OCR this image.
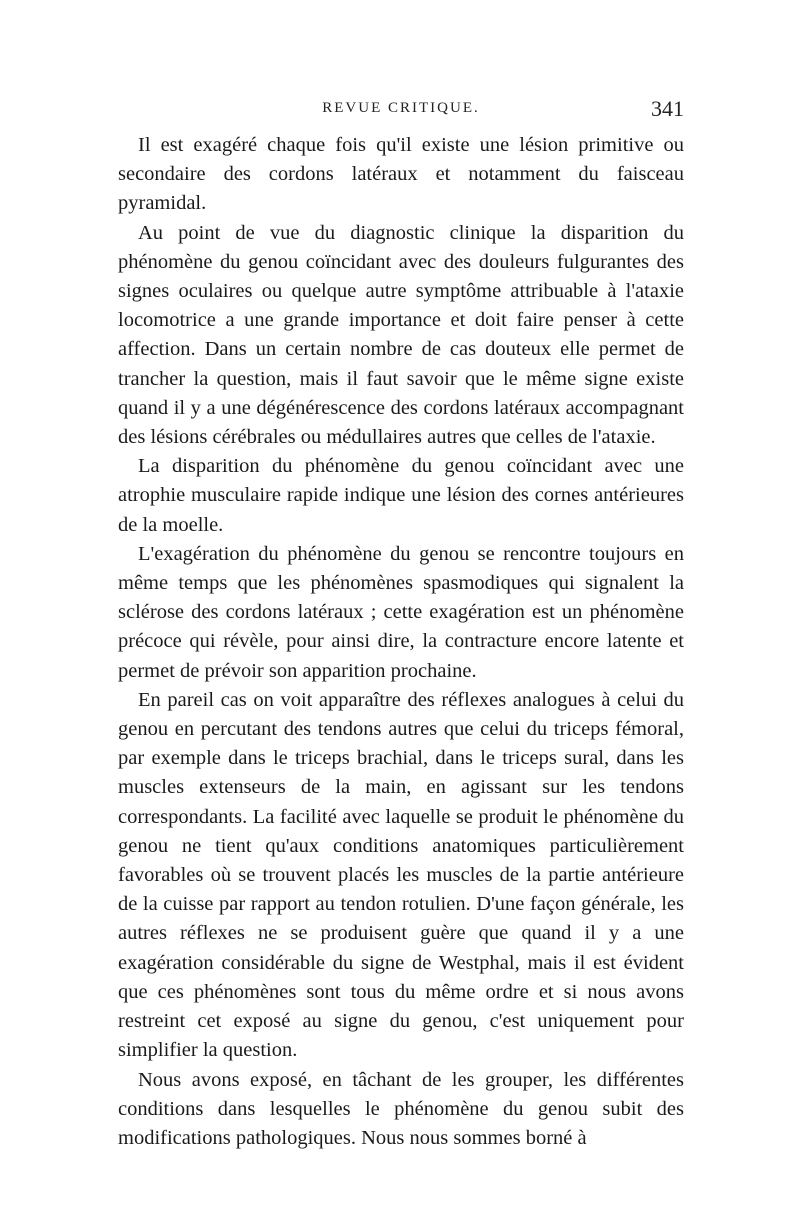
REVUE CRITIQUE.	341

Il est exagéré chaque fois qu'il existe une lésion primitive ou secondaire des cordons latéraux et notamment du faisceau pyramidal.

Au point de vue du diagnostic clinique la disparition du phénomène du genou coïncidant avec des douleurs fulgurantes des signes oculaires ou quelque autre symptôme attribuable à l'ataxie locomotrice a une grande importance et doit faire penser à cette affection. Dans un certain nombre de cas douteux elle permet de trancher la question, mais il faut savoir que le même signe existe quand il y a une dégénérescence des cordons latéraux accompagnant des lésions cérébrales ou médullaires autres que celles de l'ataxie.

La disparition du phénomène du genou coïncidant avec une atrophie musculaire rapide indique une lésion des cornes antérieures de la moelle.

L'exagération du phénomène du genou se rencontre toujours en même temps que les phénomènes spasmodiques qui signalent la sclérose des cordons latéraux ; cette exagération est un phénomène précoce qui révèle, pour ainsi dire, la contracture encore latente et permet de prévoir son apparition prochaine.

En pareil cas on voit apparaître des réflexes analogues à celui du genou en percutant des tendons autres que celui du triceps fémoral, par exemple dans le triceps brachial, dans le triceps sural, dans les muscles extenseurs de la main, en agissant sur les tendons correspondants. La facilité avec laquelle se produit le phénomène du genou ne tient qu'aux conditions anatomiques particulièrement favorables où se trouvent placés les muscles de la partie antérieure de la cuisse par rapport au tendon rotulien. D'une façon générale, les autres réflexes ne se produisent guère que quand il y a une exagération considérable du signe de Westphal, mais il est évident que ces phénomènes sont tous du même ordre et si nous avons restreint cet exposé au signe du genou, c'est uniquement pour simplifier la question.

Nous avons exposé, en tâchant de les grouper, les différentes conditions dans lesquelles le phénomène du genou subit des modifications pathologiques. Nous nous sommes borné à
